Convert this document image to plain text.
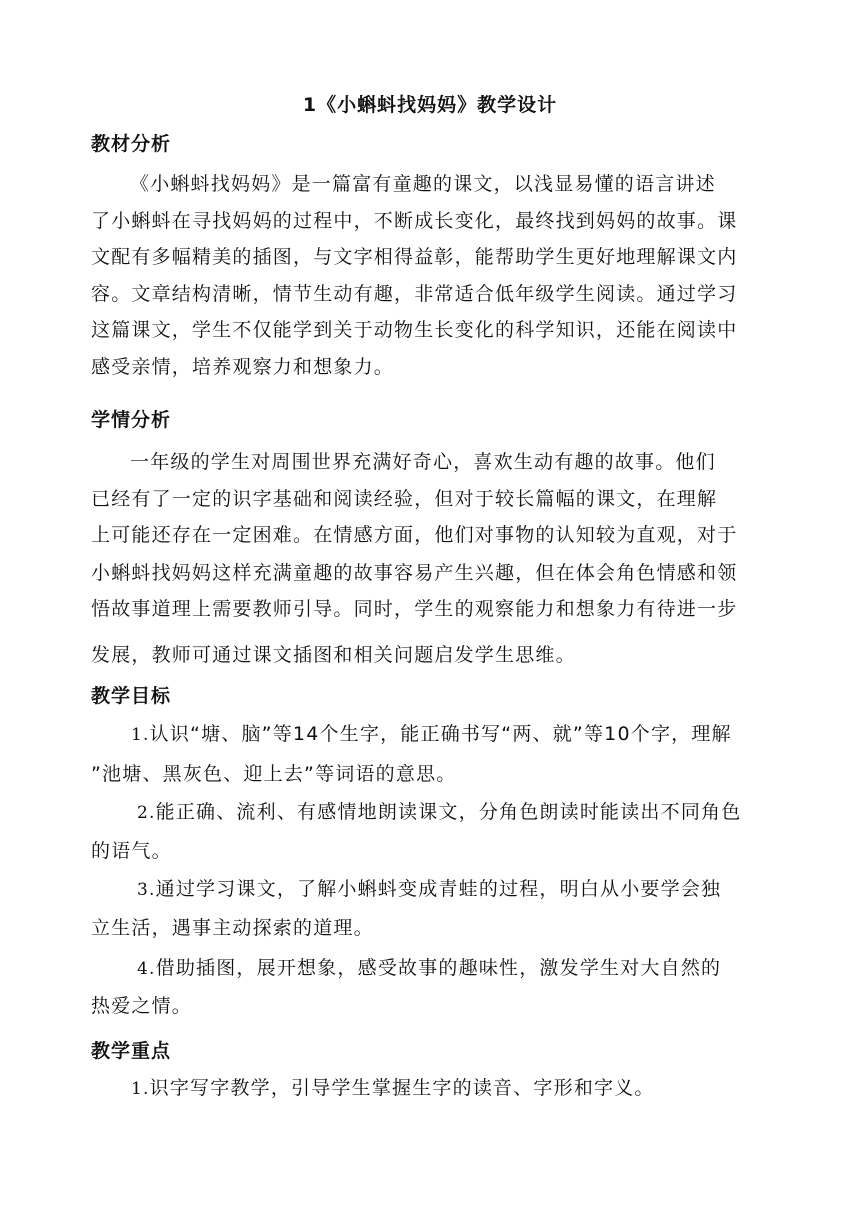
1《小蝌蚪找妈妈》教学设计
教材分析
《小蝌蚪找妈妈》是一篇富有童趣的课文，以浅显易懂的语言讲述
了小蝌蚪在寻找妈妈的过程中，不断成长变化，最终找到妈妈的故事。课
文配有多幅精美的插图，与文字相得益彰，能帮助学生更好地理解课文内
容。文章结构清晰，情节生动有趣，非常适合低年级学生阅读。通过学习
这篇课文，学生不仅能学到关于动物生长变化的科学知识，还能在阅读中
感受亲情，培养观察力和想象力。
学情分析
一年级的学生对周围世界充满好奇心，喜欢生动有趣的故事。他们
已经有了一定的识字基础和阅读经验，但对于较长篇幅的课文，在理解
上可能还存在一定困难。在情感方面，他们对事物的认知较为直观，对于
小蝌蚪找妈妈这样充满童趣的故事容易产生兴趣，但在体会角色情感和领
悟故事道理上需要教师引导。同时，学生的观察能力和想象力有待进一步
发展，教师可通过课文插图和相关问题启发学生思维。
教学目标
1.认识“塘、脑”等14个生字，能正确书写“两、就”等10个字，理解
”池塘、黑灰色、迎上去”等词语的意思。
2.能正确、流利、有感情地朗读课文，分角色朗读时能读出不同角色
的语气。
3.通过学习课文，了解小蝌蚪变成青蛙的过程，明白从小要学会独
立生活，遇事主动探索的道理。
4.借助插图，展开想象，感受故事的趣味性，激发学生对大自然的
热爱之情。
教学重点
1.识字写字教学，引导学生掌握生字的读音、字形和字义。
